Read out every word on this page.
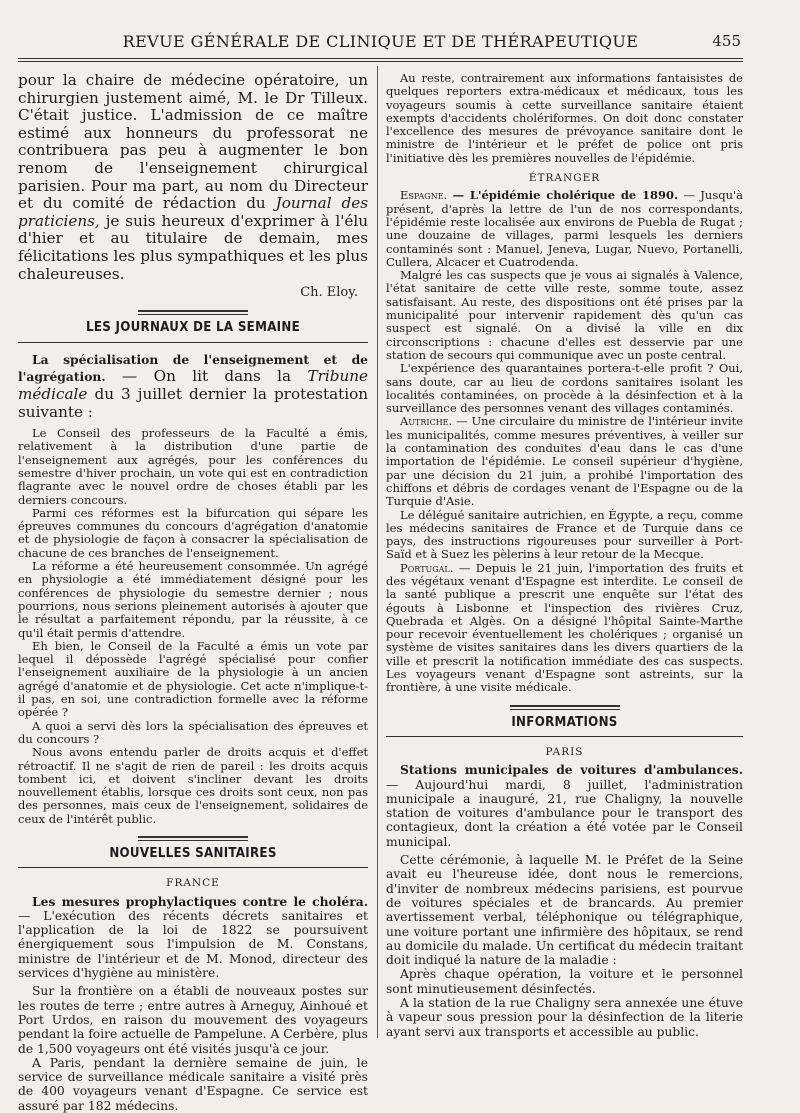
REVUE GÉNÉRALE DE CLINIQUE ET DE THÉRAPEUTIQUE	455

pour la chaire de médecine opératoire, un chirurgien justement aimé, M. le Dr Tilleux. C'était justice. L'admission de ce maître estimé aux honneurs du professorat ne contribuera pas peu à augmenter le bon renom de l'enseignement chirurgical parisien. Pour ma part, au nom du Directeur et du comité de rédaction du Journal des praticiens, je suis heureux d'exprimer à l'élu d'hier et au titulaire de demain, mes félicitations les plus sympathiques et les plus chaleureuses.

Ch. Eloy.

LES JOURNAUX DE LA SEMAINE

La spécialisation de l'enseignement et de l'agrégation. — On lit dans la Tribune médicale du 3 juillet dernier la protestation suivante :

Le Conseil des professeurs de la Faculté a émis, relativement à la distribution d'une partie de l'enseignement aux agrégés, pour les conférences du semestre d'hiver prochain, un vote qui est en contradiction flagrante avec le nouvel ordre de choses établi par les derniers concours.

Parmi ces réformes est la bifurcation qui sépare les épreuves communes du concours d'agrégation d'anatomie et de physiologie de façon à consacrer la spécialisation de chacune de ces branches de l'enseignement.

La réforme a été heureusement consommée. Un agrégé en physiologie a été immédiatement désigné pour les conférences de physiologie du semestre dernier ; nous pourrions, nous serions pleinement autorisés à ajouter que le résultat a parfaitement répondu, par la réussite, à ce qu'il était permis d'attendre.

Eh bien, le Conseil de la Faculté a émis un vote par lequel il dépossède l'agrégé spécialisé pour confier l'enseignement auxiliaire de la physiologie à un ancien agrégé d'anatomie et de physiologie. Cet acte n'implique-t-il pas, en soi, une contradiction formelle avec la réforme opérée ?

A quoi a servi dès lors la spécialisation des épreuves et du concours ?

Nous avons entendu parler de droits acquis et d'effet rétroactif. Il ne s'agit de rien de pareil : les droits acquis tombent ici, et doivent s'incliner devant les droits nouvellement établis, lorsque ces droits sont ceux, non pas des personnes, mais ceux de l'enseignement, solidaires de ceux de l'intérêt public.

NOUVELLES SANITAIRES
FRANCE

Les mesures prophylactiques contre le choléra. — L'exécution des récents décrets sanitaires et l'application de la loi de 1822 se poursuivent énergiquement sous l'impulsion de M. Constans, ministre de l'intérieur et de M. Monod, directeur des services d'hygiène au ministère.

Sur la frontière on a établi de nouveaux postes sur les routes de terre ; entre autres à Arneguy, Ainhoué et Port Urdos, en raison du mouvement des voyageurs pendant la foire actuelle de Pampelune. A Cerbère, plus de 1,500 voyageurs ont été visités jusqu'à ce jour.

A Paris, pendant la dernière semaine de juin, le service de surveillance médicale sanitaire a visité près de 400 voyageurs venant d'Espagne. Ce service est assuré par 182 médecins.

Au reste, contrairement aux informations fantaisistes de quelques reporters extra-médicaux et médicaux, tous les voyageurs soumis à cette surveillance sanitaire étaient exempts d'accidents cholériformes. On doit donc constater l'excellence des mesures de prévoyance sanitaire dont le ministre de l'intérieur et le préfet de police ont pris l'initiative dès les premières nouvelles de l'épidémie.

ÉTRANGER

Espagne. — L'épidémie cholérique de 1890. — Jusqu'à présent, d'après la lettre de l'un de nos correspondants, l'épidémie reste localisée aux environs de Puebla de Rugat ; une douzaine de villages, parmi lesquels les derniers contaminés sont : Manuel, Jeneva, Lugar, Nuevo, Portanelli, Cullera, Alcacer et Cuatrodenda.

Malgré les cas suspects que je vous ai signalés à Valence, l'état sanitaire de cette ville reste, somme toute, assez satisfaisant. Au reste, des dispositions ont été prises par la municipalité pour intervenir rapidement dès qu'un cas suspect est signalé. On a divisé la ville en dix circonscriptions : chacune d'elles est desservie par une station de secours qui communique avec un poste central.

L'expérience des quarantaines portera-t-elle profit ? Oui, sans doute, car au lieu de cordons sanitaires isolant les localités contaminées, on procède à la désinfection et à la surveillance des personnes venant des villages contaminés.

Autriche. — Une circulaire du ministre de l'intérieur invite les municipalités, comme mesures préventives, à veiller sur la contamination des conduites d'eau dans le cas d'une importation de l'épidémie. Le conseil supérieur d'hygiène, par une décision du 21 juin, a prohibé l'importation des chiffons et débris de cordages venant de l'Espagne ou de la Turquie d'Asie.

Le délégué sanitaire autrichien, en Égypte, a reçu, comme les médecins sanitaires de France et de Turquie dans ce pays, des instructions rigoureuses pour surveiller à Port-Saïd et à Suez les pèlerins à leur retour de la Mecque.

Portugal. — Depuis le 21 juin, l'importation des fruits et des végétaux venant d'Espagne est interdite. Le conseil de la santé publique a prescrit une enquête sur l'état des égouts à Lisbonne et l'inspection des rivières Cruz, Quebrada et Algès. On a désigné l'hôpital Sainte-Marthe pour recevoir éventuellement les cholériques ; organisé un système de visites sanitaires dans les divers quartiers de la ville et prescrit la notification immédiate des cas suspects. Les voyageurs venant d'Espagne sont astreints, sur la frontière, à une visite médicale.

INFORMATIONS
PARIS

Stations municipales de voitures d'ambulances. — Aujourd'hui mardi, 8 juillet, l'administration municipale a inauguré, 21, rue Chaligny, la nouvelle station de voitures d'ambulance pour le transport des contagieux, dont la création a été votée par le Conseil municipal.

Cette cérémonie, à laquelle M. le Préfet de la Seine avait eu l'heureuse idée, dont nous le remercions, d'inviter de nombreux médecins parisiens, est pourvue de voitures spéciales et de brancards. Au premier avertissement verbal, téléphonique ou télégraphique, une voiture portant une infirmière des hôpitaux, se rend au domicile du malade. Un certificat du médecin traitant doit indiqué la nature de la maladie :

Après chaque opération, la voiture et le personnel sont minutieusement désinfectés.

A la station de la rue Chaligny sera annexée une étuve à vapeur sous pression pour la désinfection de la literie ayant servi aux transports et accessible au public.
